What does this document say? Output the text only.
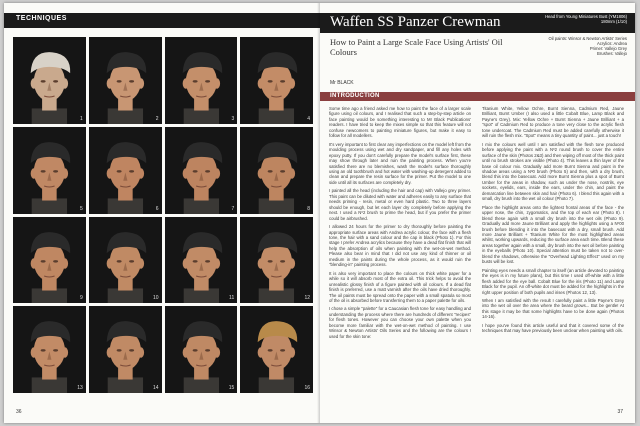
TECHNIQUES
1	2	3	4
5	6	7	8
9	10	11	12
13	14	15	16
36
Waffen SS Panzer Crewman	Head from Young Miniatures Bust (YM1806)
180mm (1/10)
Oil paints: Winsor & Newton Artists' Series
Acrylics: Andrea
Primer: Vallejo Grey
Brushes: Vallejo
How to Paint a Large Scale Face Using Artists' Oil Colours
Mr BLACK
INTRODUCTION

Some time ago a friend asked me how to paint the face of a larger scale figure using oil colours, and I realised that such a step-by-step article on face painting would be something interesting to Mr Black Publications' readers. I have tried to keep the mixes simple so that this feature will not confuse newcomers to painting miniature figures, but make it easy to follow for all modellers.

It's very important to first clear any imperfections on the model left from the moulding process using wet and dry sandpaper, and fill any holes with epoxy putty. If you don't carefully prepare the model's surface first, these may show through later and ruin the painting process. When you're satisfied there are no blemishes, wash the model's surface thoroughly using an old toothbrush and hot water with washing-up detergent added to clean and prepare the resin surface for the primer. Put the model to one side until all its surfaces are completely dry.

I painted all the head (including the hair and cap) with Vallejo grey primer. This paint can be diluted with water and adheres easily to any surface that needs priming - resin, metal or even hard plastic. Two to three layers should be enough, but let each layer dry completely before applying the next. I used a Nº2 brush to prime the head, but if you prefer the primer could be airbrushed.

I allowed 24 hours for the primer to dry thoroughly before painting the appropriate surface areas with Andrea acrylic colour, the face with a flesh tone, the hair with a sand colour and the cap in black (Photo 1). For this stage I prefer Andrea acrylics because they have a dead flat finish that will help the absorption of oils when painting with the wet-on-wet method. Please also bear in mind that I did not use any kind of thinner or oil medium in the paints during the whole process, as it would ruin the "blending-in" painting process.

It is also very important to place the colours on thick white paper for a while so it will absorb most of the extra oil. This trick helps to avoid the unrealistic glossy finish of a figure painted with oil colours. If a dead flat finish is preferred, use a matt varnish after the oils have dried thoroughly. The oil paints must be spread onto the paper with a small spatula so most of the oil is absorbed before transferring them to a paper palette for oils.

I chose a simple "palette" for a Caucasian flesh tone for easy handling and understanding the process where there are hundreds of different "recipes" for flesh tones. However you can choose your own palette when you become more familiar with the wet-on-wet method of painting. I use Winsor & Newton Artists' Oils Series and the following are the colours I used for the skin tone:

Titanium White, Yellow Ochre, Burnt Sienna, Cadmium Red, Jaune Brilliant, Burnt Umber (I also used a little Cobalt Blue, Lamp Black and Payne's Grey). Mix: Yellow Ochre + Burnt Sienna + Jaune Brilliant + a "spot" of Cadmium Red to produce a tone very close to the acrylic flesh tone undercoat. The Cadmium Red must be added carefully otherwise it will ruin the flesh mix. "Spot" means a tiny quantity of paint... just a touch!

I mix the colours well until I am satisfied with the flesh tone produced before applying the paint with a Nº2 round brush to cover the entire surface of the skin (Photos 2&3) and then wiping off most of the thick paint until no brush strokes are visible (Photo 4). This leaves a thin layer of the base oil colour mix. Gradually add more Burnt Sienna and paint in the shadow areas using a Nº0 brush (Photo 5) and then, with a dry brush, blend this into the basecoat. Add more Burnt Sienna plus a spot of Burnt Umber for the areas in shadow, such as under the nose, nostrils, eye sockets, eyelids, ears, inside the ears, under the chin, and paint the demarcation line between skin and hair (Photo 6). I blend this again with a small, dry brush into the wet oil colour (Photo 7).

Place the highlight areas onto the lightest frontal areas of the face - the upper nose, the chin, zygomatics, and the top of each ear (Photo 8). I blend these again with a small dry brush into the wet oils (Photo 9). Gradually add more Jaune Brilliant and apply the highlights using a Nº00 brush before blending it into the basecoat with a dry, small brush. Add more Jaune Brilliant + Titanium White for the most highlighted areas whilst, working upwards, reducing the surface area each time. Blend these areas together again with a small, dry brush into the wet oil before painting in the eyeballs (Photo 10). Special attention must be taken not to over-blend the shadows, otherwise the "Overhead Lighting Effect" used on my busts will be lost.

Painting eyes needs a small chapter to itself (an article devoted to painting the eyes is in my future plans), but this time I used off-white with a little flesh added for the eye ball. Cobalt Blue for the iris (Photo 11) and Lamp Black for the pupil. An off-white dot must be added for the highlights in the right upper position of both pupils and irises (Photos 12, 13).

When I am satisfied with the result I carefully paint a little Payne's Grey into the wet oil over the area where the beard grows... But be gentle! At this stage it may be that some highlights have to be done again (Photos 14-16).

I hope you've found this article useful and that it covered some of the techniques that may have previously been unclear when painting with oils.

37
